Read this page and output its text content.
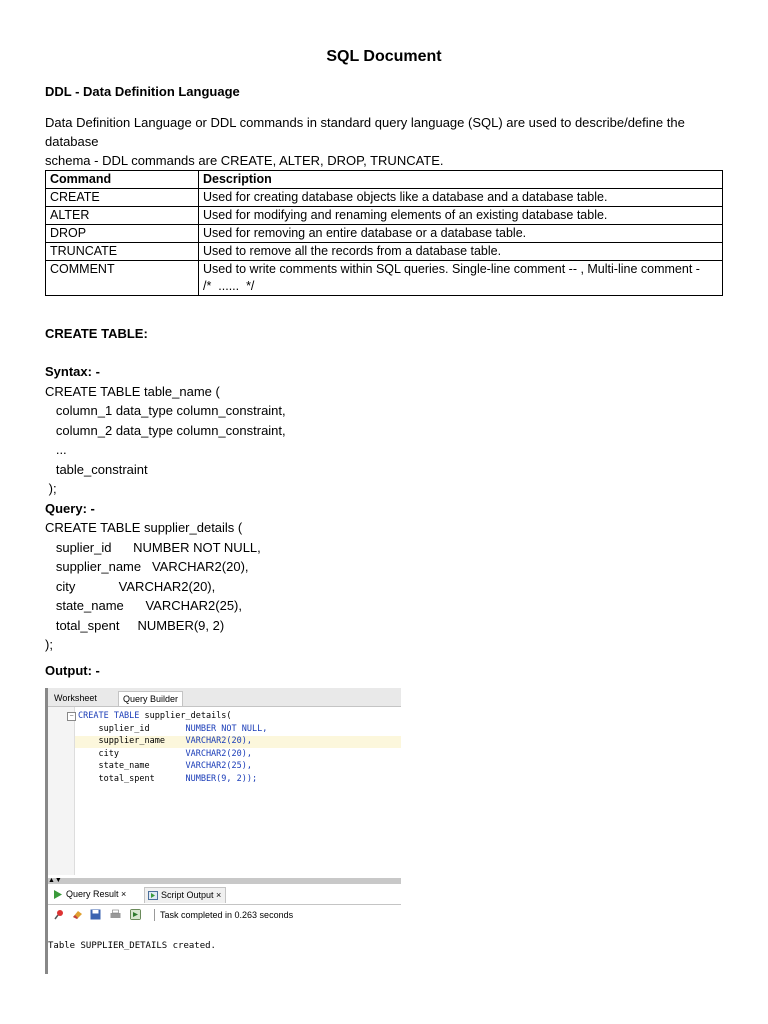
SQL Document
DDL - Data Definition Language
Data Definition Language or DDL commands in standard query language (SQL) are used to describe/define the database
schema - DDL commands are CREATE, ALTER, DROP, TRUNCATE.
Command	Description
CREATE	Used for creating database objects like a database and a database table.
ALTER	Used for modifying and renaming elements of an existing database table.
DROP	Used for removing an entire database or a database table.
TRUNCATE	Used to remove all the records from a database table.
COMMENT	Used to write comments within SQL queries. Single-line comment -- , Multi-line comment -
/*  ......  */
CREATE TABLE:
Syntax: -
CREATE TABLE table_name (
column_1 data_type column_constraint,
column_2 data_type column_constraint,
...
table_constraint
);
Query: -
CREATE TABLE supplier_details (
suplier_id      NUMBER NOT NULL,
supplier_name   VARCHAR2(20),
city            VARCHAR2(20),
state_name      VARCHAR2(25),
total_spent     NUMBER(9, 2)
);
Output: -
Worksheet	Query Builder
− CREATE TABLE supplier_details(
suplier_id       NUMBER NOT NULL,
supplier_name    VARCHAR2(20),
city             VARCHAR2(20),
state_name       VARCHAR2(25),
total_spent      NUMBER(9, 2));
▲▼
Query Result ×	Script Output ×
Task completed in 0.263 seconds
Table SUPPLIER_DETAILS created.
